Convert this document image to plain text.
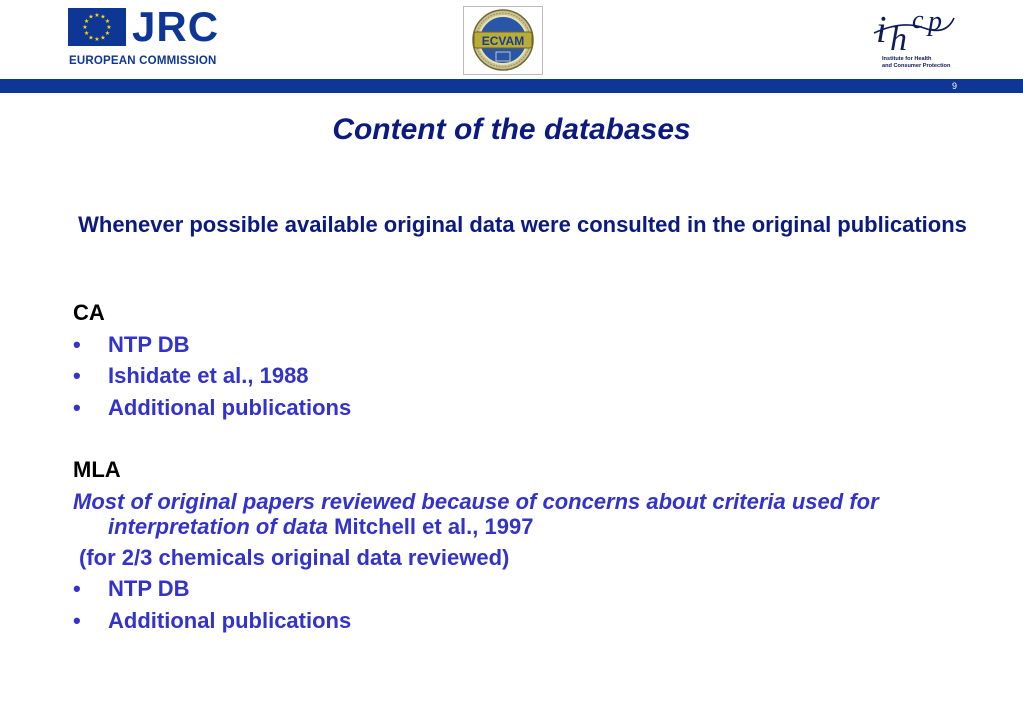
★ ★
★
★
★
★
★
★
★
★
★
★ JRC
EUROPEAN COMMISSION
ECVAM	i h
c p
Institute for Health
and Consumer Protection
9
Content of the databases
Whenever possible available original data were consulted in the original publications
CA
•	NTP DB
•	Ishidate et al., 1988
•	Additional publications
MLA
Most of original papers reviewed because of concerns about criteria used for interpretation of data Mitchell et al., 1997
(for 2/3 chemicals original data reviewed)
•	NTP DB
•	Additional publications
